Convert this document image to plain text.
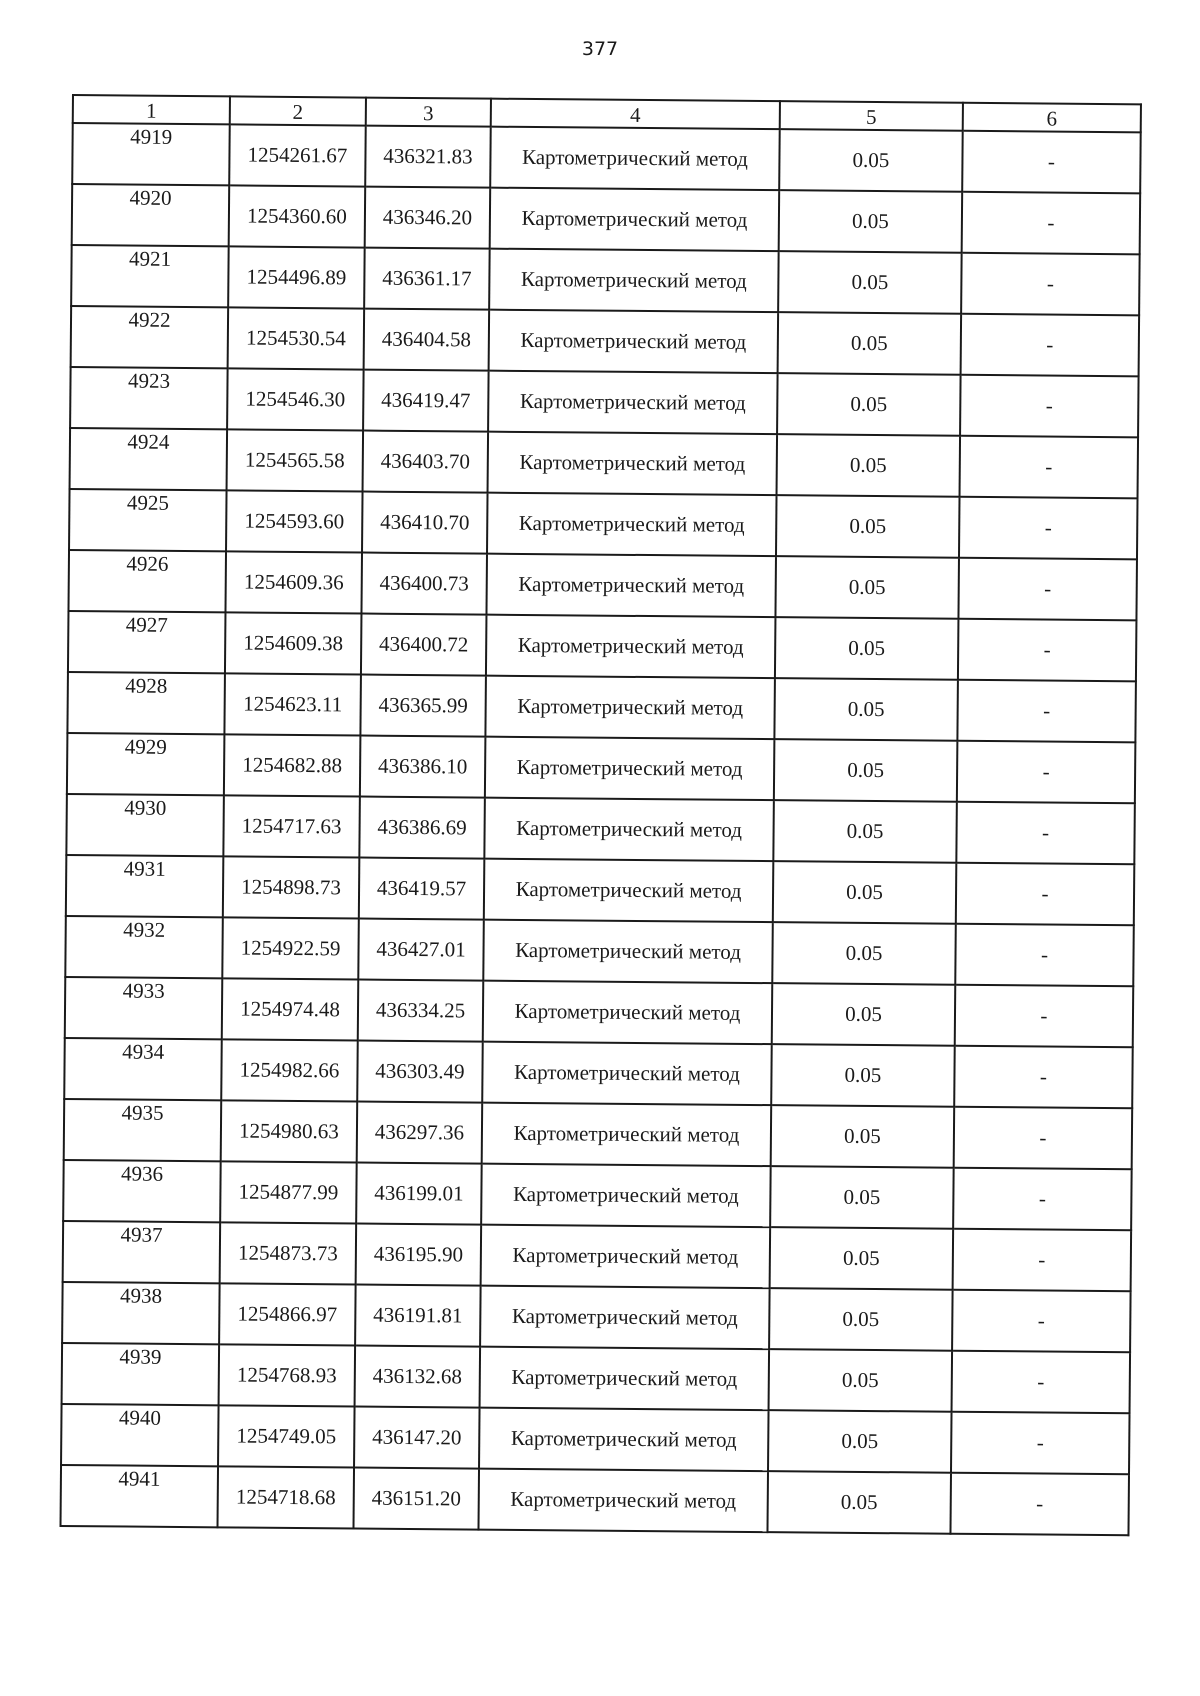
377
1	2	3	4	5	6
4919	1254261.67	436321.83	Картометрический метод	0.05	-
4920	1254360.60	436346.20	Картометрический метод	0.05	-
4921	1254496.89	436361.17	Картометрический метод	0.05	-
4922	1254530.54	436404.58	Картометрический метод	0.05	-
4923	1254546.30	436419.47	Картометрический метод	0.05	-
4924	1254565.58	436403.70	Картометрический метод	0.05	-
4925	1254593.60	436410.70	Картометрический метод	0.05	-
4926	1254609.36	436400.73	Картометрический метод	0.05	-
4927	1254609.38	436400.72	Картометрический метод	0.05	-
4928	1254623.11	436365.99	Картометрический метод	0.05	-
4929	1254682.88	436386.10	Картометрический метод	0.05	-
4930	1254717.63	436386.69	Картометрический метод	0.05	-
4931	1254898.73	436419.57	Картометрический метод	0.05	-
4932	1254922.59	436427.01	Картометрический метод	0.05	-
4933	1254974.48	436334.25	Картометрический метод	0.05	-
4934	1254982.66	436303.49	Картометрический метод	0.05	-
4935	1254980.63	436297.36	Картометрический метод	0.05	-
4936	1254877.99	436199.01	Картометрический метод	0.05	-
4937	1254873.73	436195.90	Картометрический метод	0.05	-
4938	1254866.97	436191.81	Картометрический метод	0.05	-
4939	1254768.93	436132.68	Картометрический метод	0.05	-
4940	1254749.05	436147.20	Картометрический метод	0.05	-
4941	1254718.68	436151.20	Картометрический метод	0.05	-
